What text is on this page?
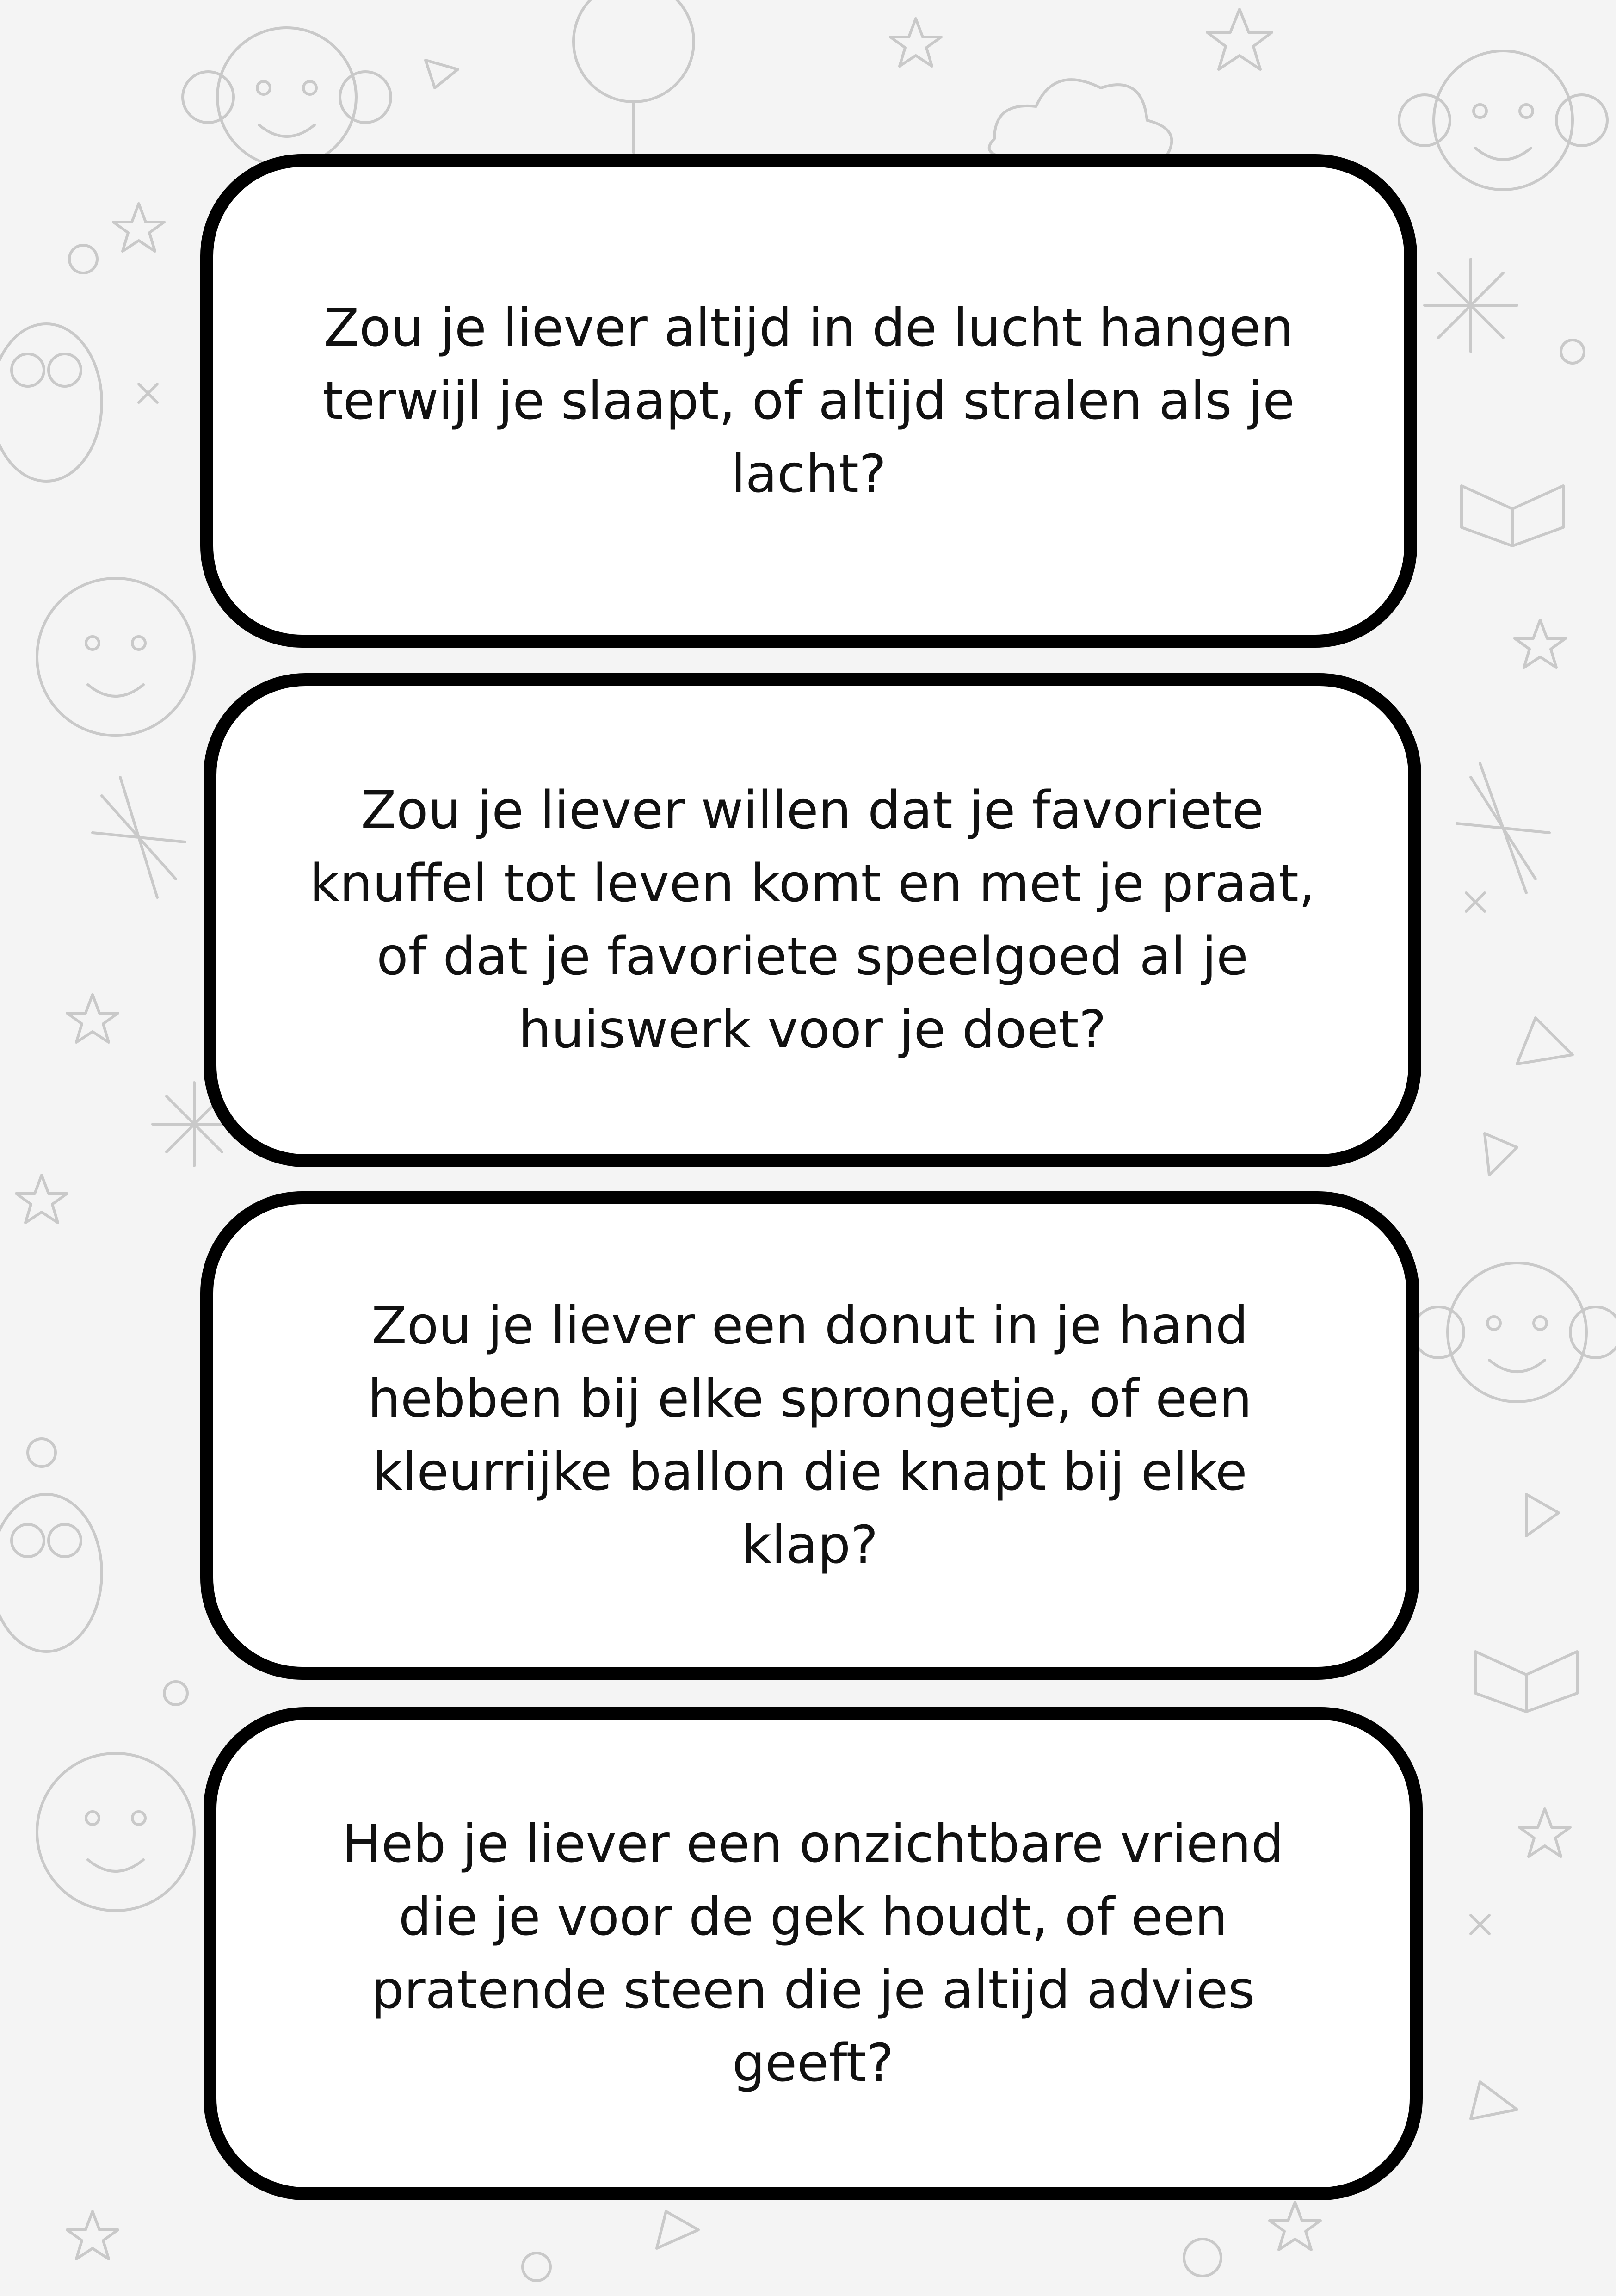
Zou je liever altijd in de lucht hangen terwijl je slaapt, of altijd stralen als je lacht?
Zou je liever willen dat je favoriete knuffel tot leven komt en met je praat, of dat je favoriete speelgoed al je huiswerk voor je doet?
Zou je liever een donut in je hand hebben bij elke sprongetje, of een kleurrijke ballon die knapt bij elke klap?
Heb je liever een onzichtbare vriend die je voor de gek houdt, of een pratende steen die je altijd advies geeft?
